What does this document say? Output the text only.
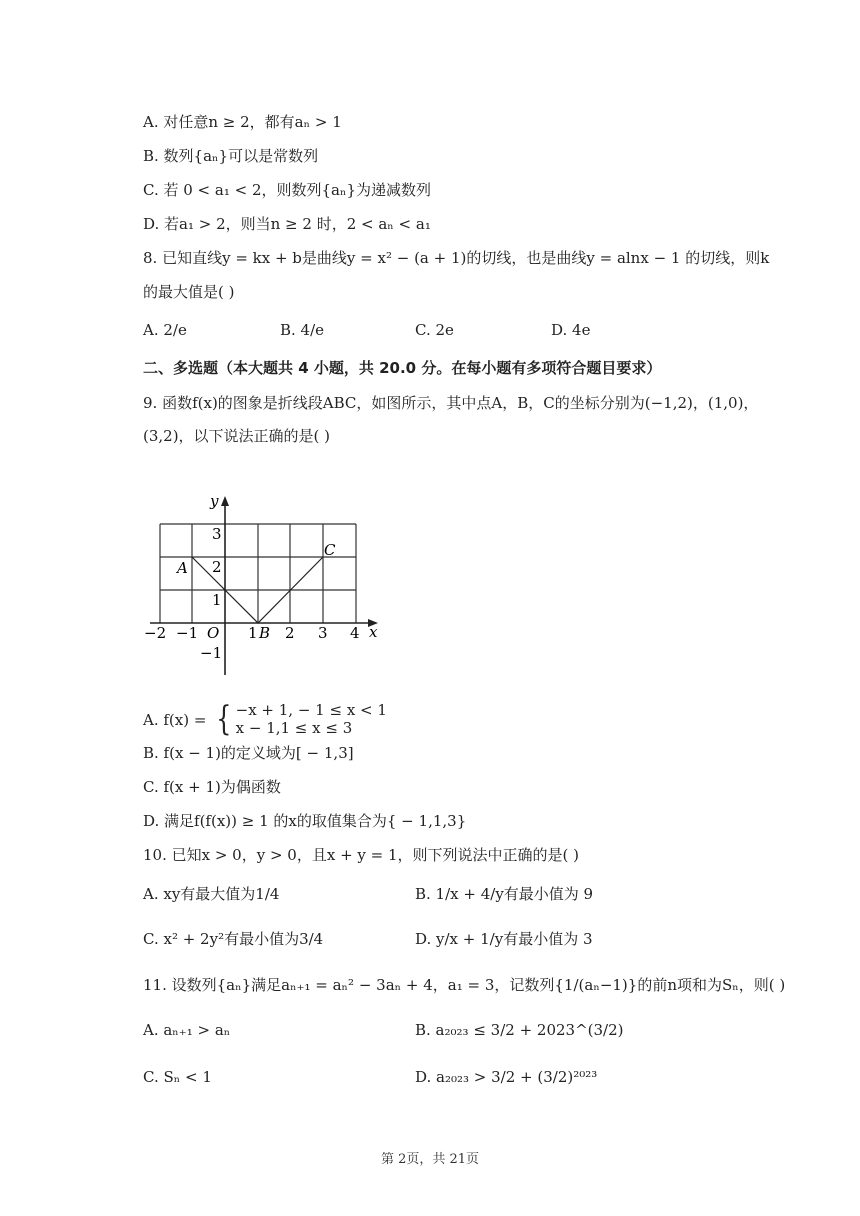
A. 对任意n ≥ 2，都有aₙ > 1
B. 数列{aₙ}可以是常数列
C. 若 0 < a₁ < 2，则数列{aₙ}为递减数列
D. 若a₁ > 2，则当n ≥ 2 时，2 < aₙ < a₁
8. 已知直线y = kx + b是曲线y = x² − (a + 1)的切线，也是曲线y = alnx − 1 的切线，则k
的最大值是( )
A. 2/e	B. 4/e	C. 2e	D. 4e
二、多选题（本大题共 4 小题，共 20.0 分。在每小题有多项符合题目要求）
9. 函数f(x)的图象是折线段ABC，如图所示，其中点A，B，C的坐标分别为(−1,2)，(1,0)，
(3,2)，以下说法正确的是( )
y
x
O
−2 −1	1 2 3 4
3
2
1
−1
A
B
C
A. f(x) = { −x + 1, − 1 ≤ x < 1
x − 1,1 ≤ x ≤ 3
B. f(x − 1)的定义域为[ − 1,3]
C. f(x + 1)为偶函数
D. 满足f(f(x)) ≥ 1 的x的取值集合为{ − 1,1,3}
10. 已知x > 0，y > 0，且x + y = 1，则下列说法中正确的是( )
A. xy有最大值为1/4	B. 1/x + 4/y有最小值为 9
C. x² + 2y²有最小值为3/4	D. y/x + 1/y有最小值为 3
11. 设数列{aₙ}满足aₙ₊₁ = aₙ² − 3aₙ + 4，a₁ = 3，记数列{1/(aₙ−1)}的前n项和为Sₙ，则( )
A. aₙ₊₁ > aₙ	B. a₂₀₂₃ ≤ 3/2 + 2023^(3/2)
C. Sₙ < 1	D. a₂₀₂₃ > 3/2 + (3/2)²⁰²³
第 2页，共 21页
